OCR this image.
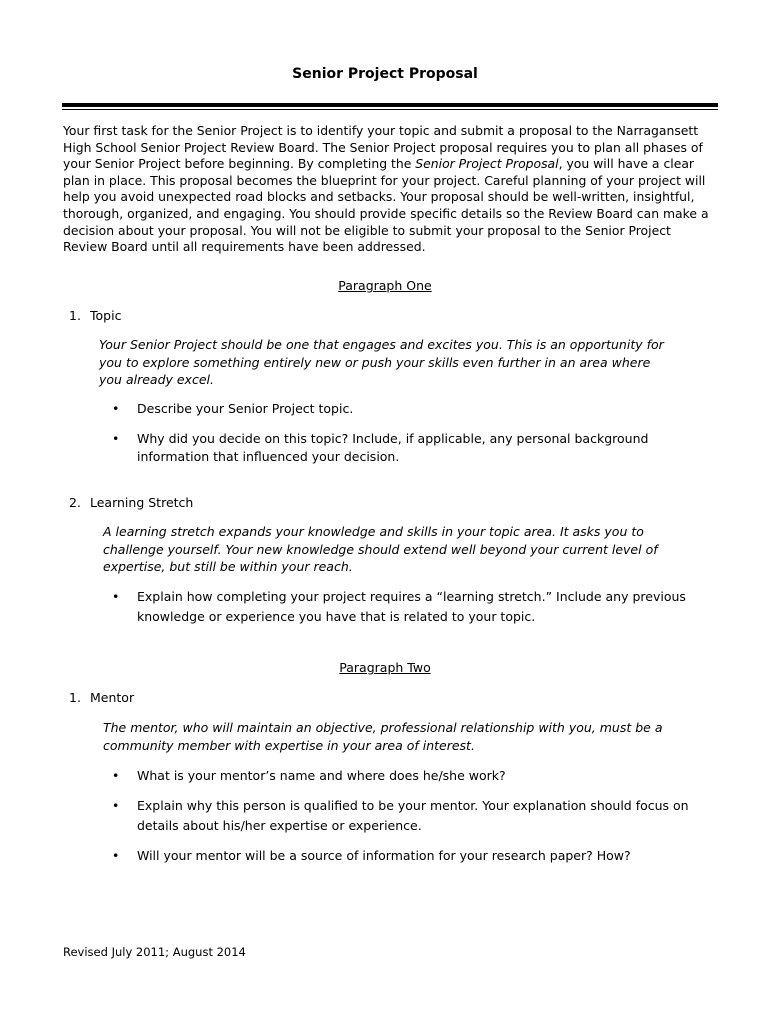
Senior Project Proposal

Your first task for the Senior Project is to identify your topic and submit a proposal to the Narragansett High School Senior Project Review Board. The Senior Project proposal requires you to plan all phases of your Senior Project before beginning. By completing the Senior Project Proposal, you will have a clear plan in place. This proposal becomes the blueprint for your project. Careful planning of your project will help you avoid unexpected road blocks and setbacks. Your proposal should be well-written, insightful, thorough, organized, and engaging. You should provide specific details so the Review Board can make a decision about your proposal. You will not be eligible to submit your proposal to the Senior Project Review Board until all requirements have been addressed.

Paragraph One
1. Topic
Your Senior Project should be one that engages and excites you. This is an opportunity for you to explore something entirely new or push your skills even further in an area where you already excel.
• Describe your Senior Project topic.
• Why did you decide on this topic? Include, if applicable, any personal background information that influenced your decision.
2. Learning Stretch
A learning stretch expands your knowledge and skills in your topic area. It asks you to challenge yourself. Your new knowledge should extend well beyond your current level of expertise, but still be within your reach.
• Explain how completing your project requires a “learning stretch.” Include any previous knowledge or experience you have that is related to your topic.
Paragraph Two
1. Mentor
The mentor, who will maintain an objective, professional relationship with you, must be a community member with expertise in your area of interest.
• What is your mentor’s name and where does he/she work?
• Explain why this person is qualified to be your mentor. Your explanation should focus on details about his/her expertise or experience.
• Will your mentor will be a source of information for your research paper? How?
Revised July 2011; August 2014
